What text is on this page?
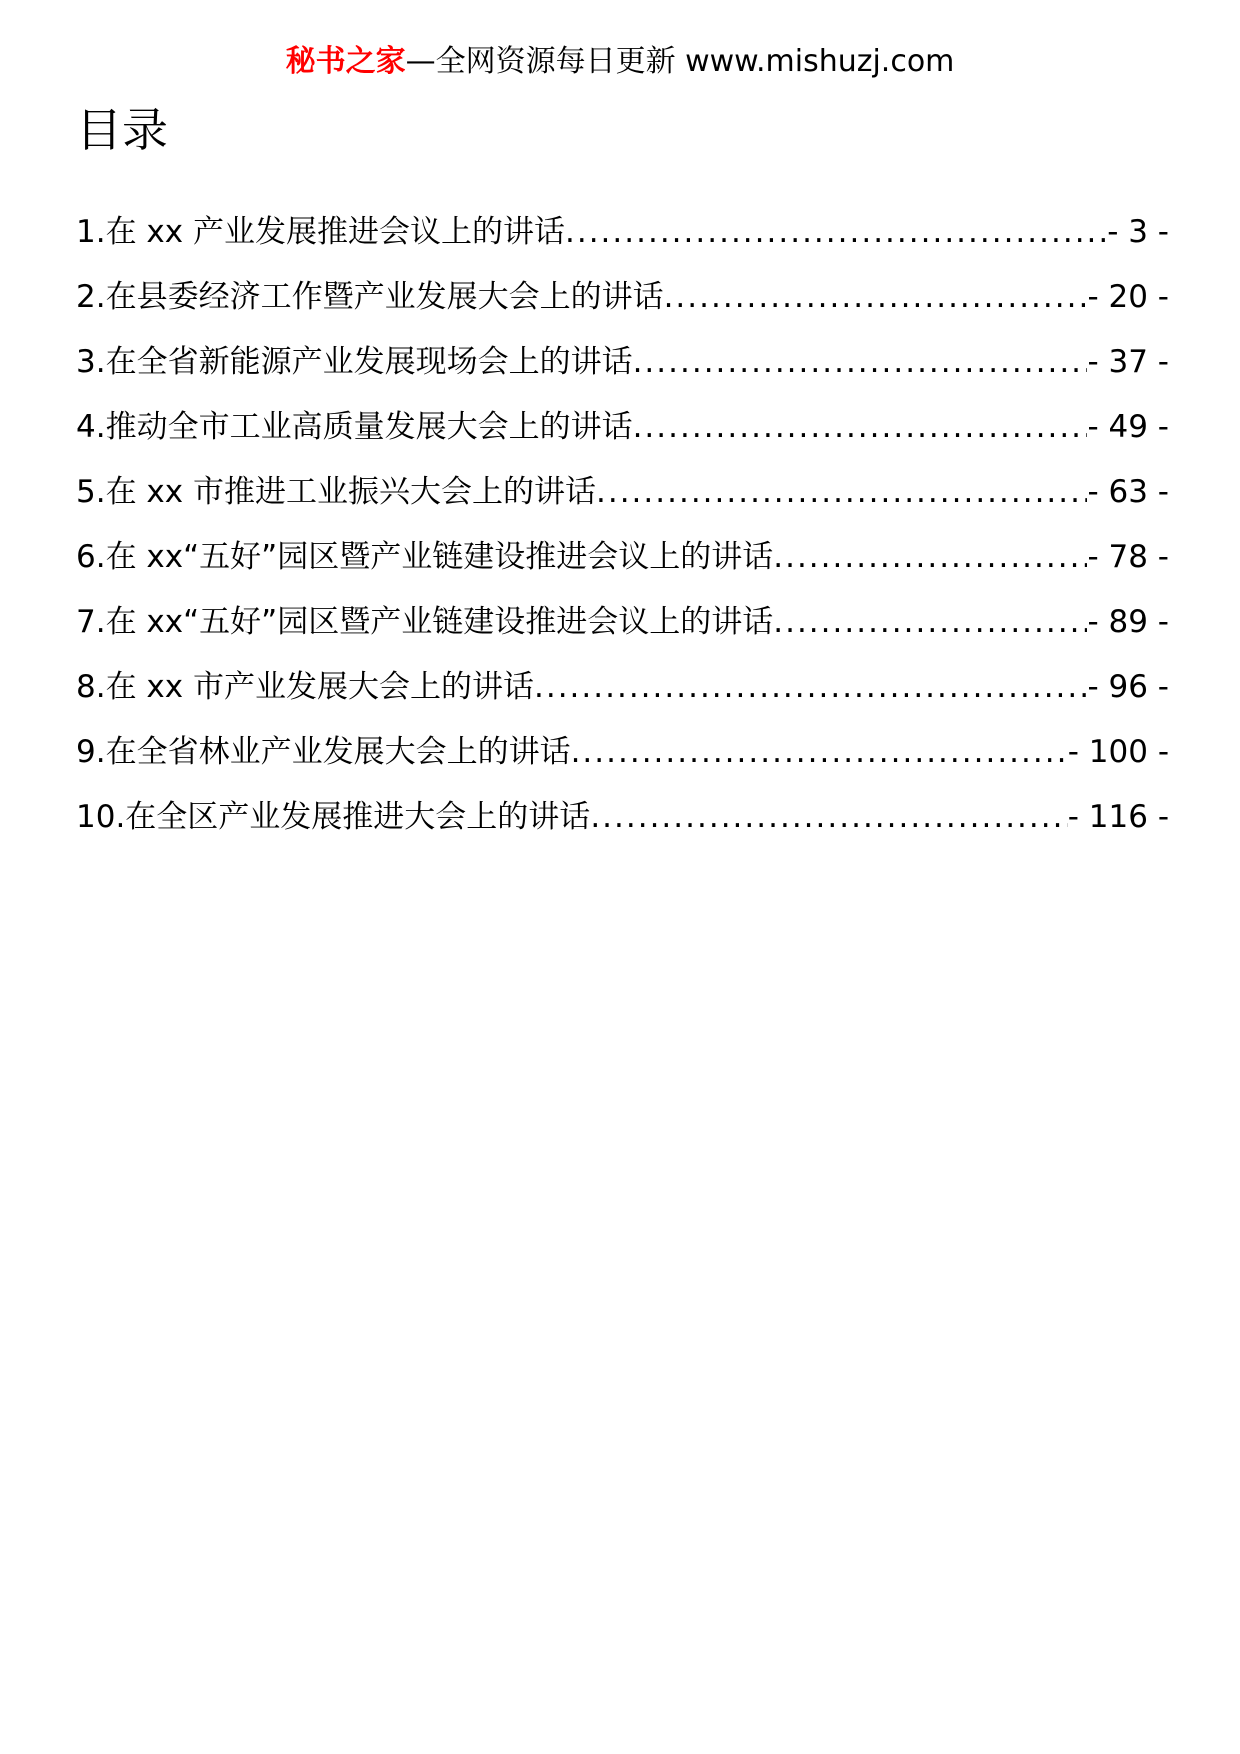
秘书之家—全网资源每日更新 www.mishuzj.com
目录
1.在 xx 产业发展推进会议上的讲话 .....	- 3 -
2.在县委经济工作暨产业发展大会上的讲话 .....	- 20 -
3.在全省新能源产业发展现场会上的讲话 .....	- 37 -
4.推动全市工业高质量发展大会上的讲话 .....	- 49 -
5.在 xx 市推进工业振兴大会上的讲话 .....	- 63 -
6.在 xx“五好”园区暨产业链建设推进会议上的讲话 .....	- 78 -
7.在 xx“五好”园区暨产业链建设推进会议上的讲话 .....	- 89 -
8.在 xx 市产业发展大会上的讲话 .....	- 96 -
9.在全省林业产业发展大会上的讲话 .....	- 100 -
10.在全区产业发展推进大会上的讲话 .....	- 116 -
